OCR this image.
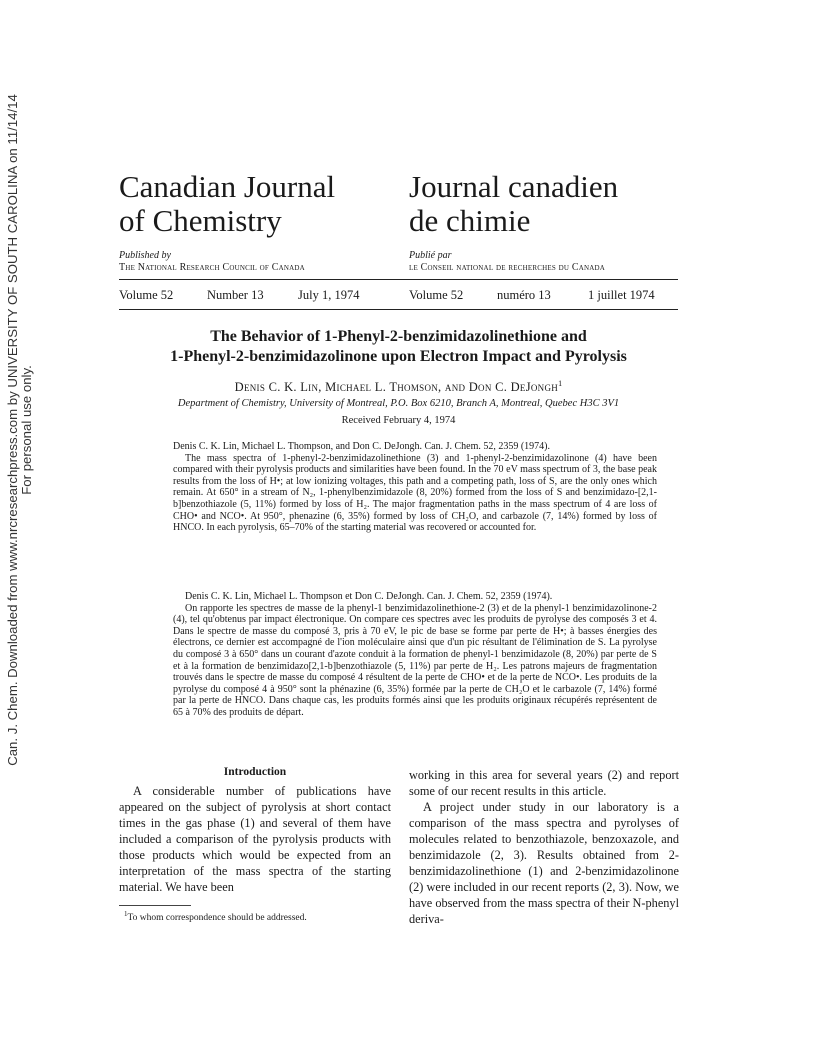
Can. J. Chem. Downloaded from www.nrcresearchpress.com by UNIVERSITY OF SOUTH CAROLINA on 11/14/14 For personal use only.
Canadian Journal
of Chemistry
Published by
The National Research Council of Canada
Journal canadien
de chimie
Publié par
le Conseil national de recherches du Canada
Volume 52	Number 13	July 1, 1974	Volume 52	numéro 13	1 juillet 1974
The Behavior of 1-Phenyl-2-benzimidazolinethione and
1-Phenyl-2-benzimidazolinone upon Electron Impact and Pyrolysis
Denis C. K. Lin, Michael L. Thomson, and Don C. DeJongh$^1$
Department of Chemistry, University of Montreal, P.O. Box 6210, Branch A, Montreal, Quebec H3C 3V1
Received February 4, 1974

Denis C. K. Lin, Michael L. Thompson, and Don C. DeJongh. Can. J. Chem. 52, 2359 (1974).

The mass spectra of 1-phenyl-2-benzimidazolinethione (3) and 1-phenyl-2-benzimidazolinone (4) have been compared with their pyrolysis products and similarities have been found. In the 70 eV mass spectrum of 3, the base peak results from the loss of H•; at low ionizing voltages, this path and a competing path, loss of S, are the only ones which remain. At 650° in a stream of N₂, 1-phenylbenzimidazole (8, 20%) formed from the loss of S and benzimidazo-[2,1-b]benzothiazole (5, 11%) formed by loss of H₂. The major fragmentation paths in the mass spectrum of 4 are loss of CHO• and NCO•. At 950°, phenazine (6, 35%) formed by loss of CH₂O, and carbazole (7, 14%) formed by loss of HNCO. In each pyrolysis, 65–70% of the starting material was recovered or accounted for.

Denis C. K. Lin, Michael L. Thompson et Don C. DeJongh. Can. J. Chem. 52, 2359 (1974).

On rapporte les spectres de masse de la phenyl-1 benzimidazolinethione-2 (3) et de la phenyl-1 benzimidazolinone-2 (4), tel qu'obtenus par impact électronique. On compare ces spectres avec les produits de pyrolyse des composés 3 et 4. Dans le spectre de masse du composé 3, pris à 70 eV, le pic de base se forme par perte de H•; à basses énergies des électrons, ce dernier est accompagné de l'ion moléculaire ainsi que d'un pic résultant de l'élimination de S. La pyrolyse du composé 3 à 650° dans un courant d'azote conduit à la formation de phenyl-1 benzimidazole (8, 20%) par perte de S et à la formation de benzimidazo[2,1-b]benzothiazole (5, 11%) par perte de H₂. Les patrons majeurs de fragmentation trouvés dans le spectre de masse du composé 4 résultent de la perte de CHO• et de la perte de NCO•. Les produits de la pyrolyse du composé 4 à 950° sont la phénazine (6, 35%) formée par la perte de CH₂O et le carbazole (7, 14%) formé par la perte de HNCO. Dans chaque cas, les produits formés ainsi que les produits originaux récupérés représentent de 65 à 70% des produits de départ.

Introduction

A considerable number of publications have appeared on the subject of pyrolysis at short contact times in the gas phase (1) and several of them have included a comparison of the pyrolysis products with those products which would be expected from an interpretation of the mass spectra of the starting material. We have been

$^1$To whom correspondence should be addressed.

working in this area for several years (2) and report some of our recent results in this article.

A project under study in our laboratory is a comparison of the mass spectra and pyrolyses of molecules related to benzothiazole, benzoxazole, and benzimidazole (2, 3). Results obtained from 2-benzimidazolinethione (1) and 2-benzimidazolinone (2) were included in our recent reports (2, 3). Now, we have observed from the mass spectra of their N-phenyl deriva-
